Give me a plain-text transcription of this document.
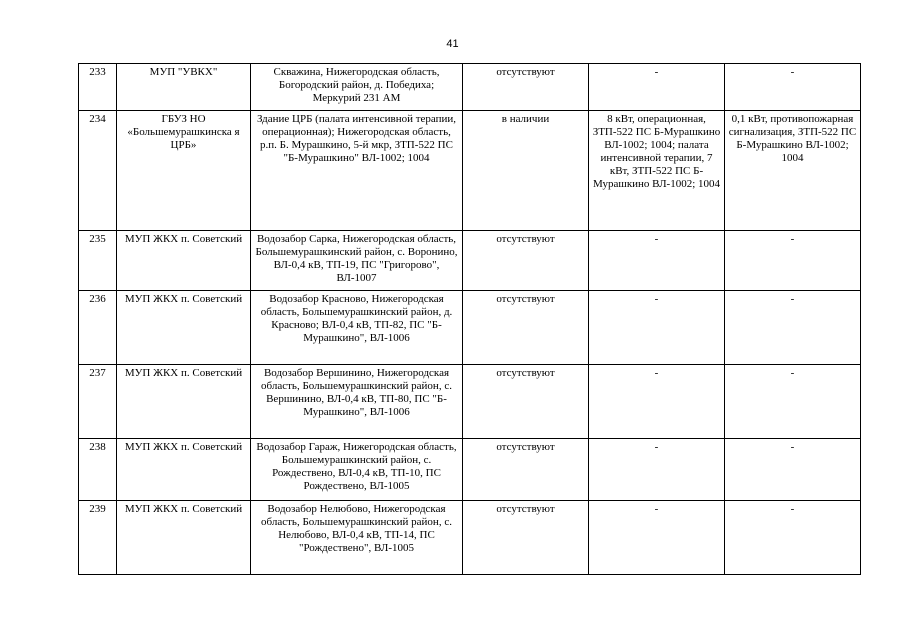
41
233	МУП "УВКХ"	Скважина, Нижегородская область, Богородский район, д. Победиха; Меркурий 231 АМ	отсутствуют	-	-
234	ГБУЗ НО «Большемурашкинска я ЦРБ»	Здание ЦРБ (палата интенсивной терапии, операционная); Нижегородская область, р.п. Б. Мурашкино, 5-й мкр, ЗТП-522 ПС "Б-Мурашкино" ВЛ-1002; 1004	в наличии	8 кВт, операционная, ЗТП-522 ПС Б-Мурашкино ВЛ-1002; 1004; палата интенсивной терапии, 7 кВт, ЗТП-522 ПС Б-Мурашкино ВЛ-1002; 1004	0,1 кВт, противопожарная сигнализация, ЗТП-522 ПС Б-Мурашкино ВЛ-1002; 1004
235	МУП ЖКХ п. Советский	Водозабор Сарка, Нижегородская область, Большемурашкинский район, с. Воронино, ВЛ-0,4 кВ, ТП-19, ПС "Григорово", ВЛ-1007	отсутствуют	-	-
236	МУП ЖКХ п. Советский	Водозабор Красново, Нижегородская область, Большемурашкинский район, д. Красново; ВЛ-0,4 кВ, ТП-82, ПС "Б-Мурашкино", ВЛ-1006	отсутствуют	-	-
237	МУП ЖКХ п. Советский	Водозабор Вершинино, Нижегородская область, Большемурашкинский район, с. Вершинино, ВЛ-0,4 кВ, ТП-80, ПС "Б-Мурашкино", ВЛ-1006	отсутствуют	-	-
238	МУП ЖКХ п. Советский	Водозабор Гараж, Нижегородская область, Большемурашкинский район, с. Рождествено, ВЛ-0,4 кВ, ТП-10, ПС Рождествено, ВЛ-1005	отсутствуют	-	-
239	МУП ЖКХ п. Советский	Водозабор Нелюбово, Нижегородская область, Большемурашкинский район, с. Нелюбово, ВЛ-0,4 кВ, ТП-14, ПС "Рождествено", ВЛ-1005	отсутствуют	-	-
